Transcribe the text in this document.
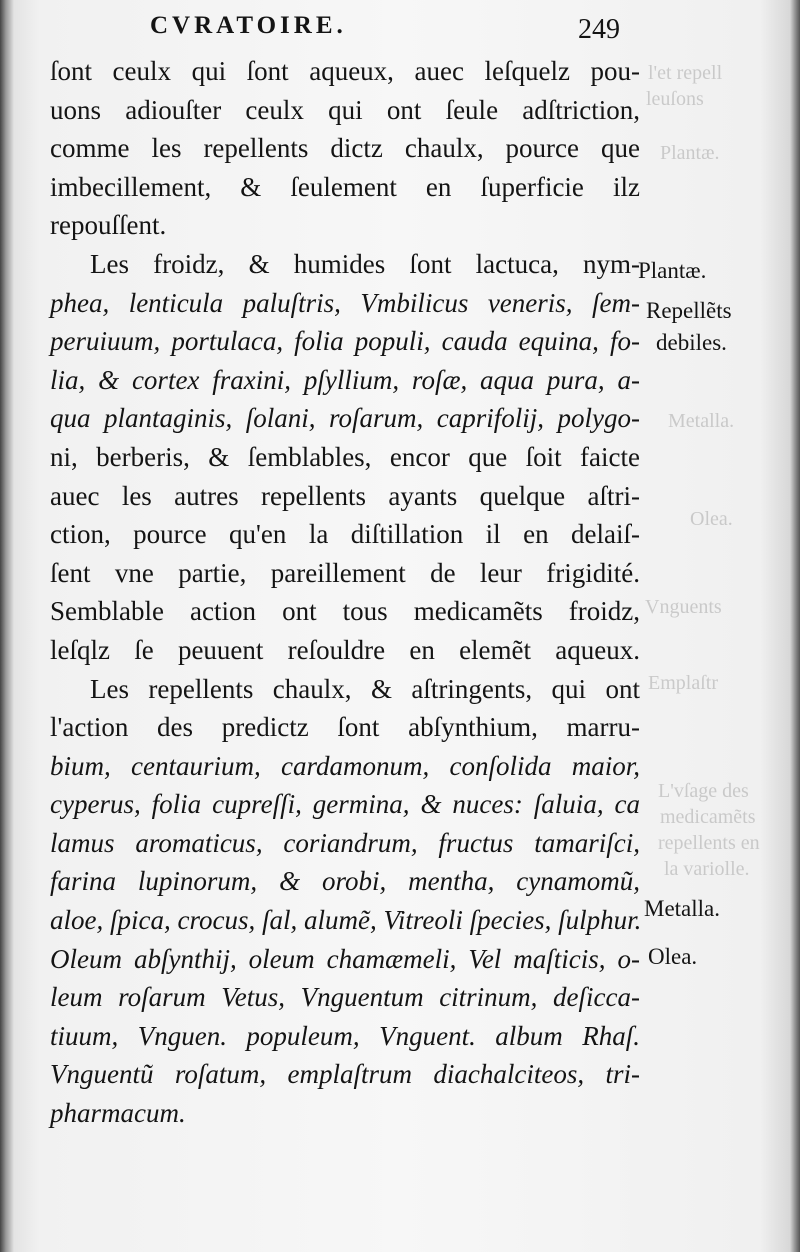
l'et repell
leuſons
Plantæ.
Metalla.
Olea.
Vnguents
Emplaſtr
L'vſage des
medicamẽts
repellents en
la variolle.
CVRATOIRE.	249
ſont ceulx qui ſont aqueux, auec leſquelz pou-
uons adiouſter ceulx qui ont ſeule adſtriction,
comme les repellents dictz chaulx, pource que
imbecillement, & ſeulement en ſuperficie ilz
repouſſent.
Les froidz, & humides ſont lactuca, nym-
phea, lenticula paluſtris, Vmbilicus veneris, ſem-
peruiuum, portulaca, folia populi, cauda equina, fo-
lia, & cortex fraxini, pſyllium, roſæ, aqua pura, a-
qua plantaginis, ſolani, roſarum, caprifolij, polygo-
ni, berberis, & ſemblables, encor que ſoit faicte
auec les autres repellents ayants quelque aſtri-
ction, pource qu'en la diſtillation il en delaiſ-
ſent vne partie, pareillement de leur frigidité.
Semblable action ont tous medicamẽts froidz,
leſqlz ſe peuuent reſouldre en elemẽt aqueux.
Les repellents chaulx, & aſtringents, qui ont
l'action des predictz ſont abſynthium, marru-
bium, centaurium, cardamonum, conſolida maior,
cyperus, folia cupreſſi, germina, & nuces: ſaluia, ca
lamus aromaticus, coriandrum, fructus tamariſci,
farina lupinorum, & orobi, mentha, cynamomũ,
aloe, ſpica, crocus, ſal, alumẽ, Vitreoli ſpecies, ſulphur.
Oleum abſynthij, oleum chamæmeli, Vel maſticis, o-
leum roſarum Vetus, Vnguentum citrinum, deſicca-
tiuum, Vnguen. populeum, Vnguent. album Rhaſ.
Vnguentũ roſatum, emplaſtrum diachalciteos, tri-
pharmacum.
Plantæ.
Repellẽts
debiles.
Metalla.
Olea.
